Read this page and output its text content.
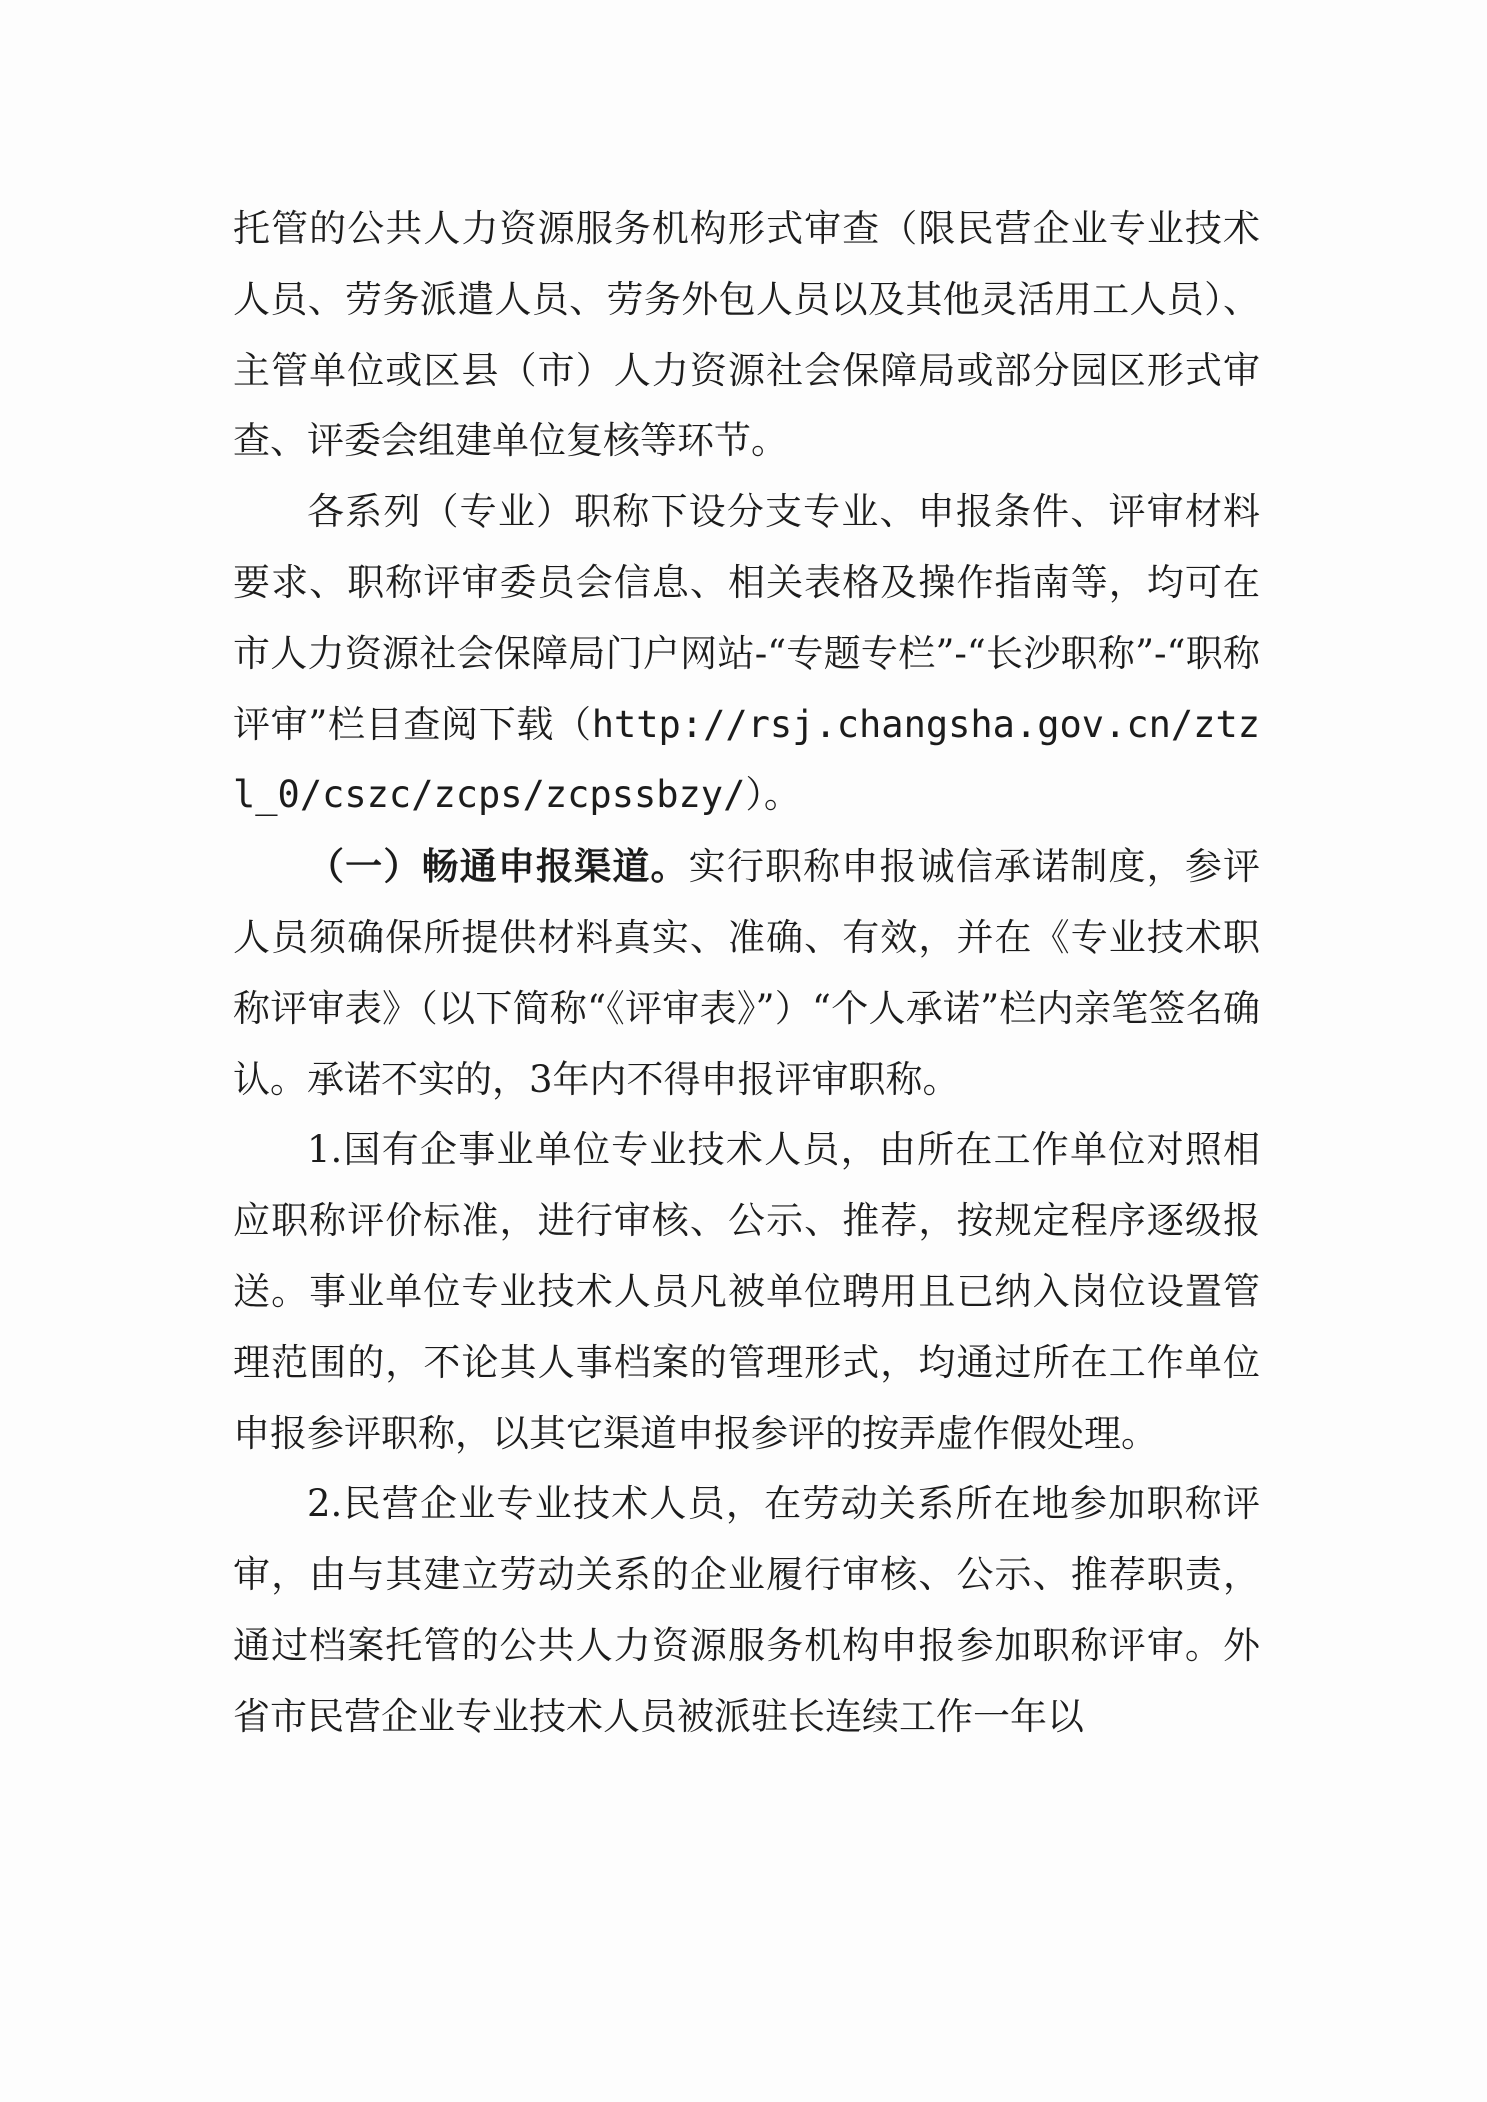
托管的公共人力资源服务机构形式审查（限民营企业专业技术人员、劳务派遣人员、劳务外包人员以及其他灵活用工人员）、主管单位或区县（市）人力资源社会保障局或部分园区形式审查、评委会组建单位复核等环节。

各系列（专业）职称下设分支专业、申报条件、评审材料要求、职称评审委员会信息、相关表格及操作指南等，均可在市人力资源社会保障局门户网站-“专题专栏”-“长沙职称”-“职称评审”栏目查阅下载（http://rsj.changsha.gov.cn/ztzl_0/cszc/zcps/zcpssbzy/）。

（一）畅通申报渠道。实行职称申报诚信承诺制度，参评人员须确保所提供材料真实、准确、有效，并在《专业技术职称评审表》（以下简称“《评审表》”）“个人承诺”栏内亲笔签名确认。承诺不实的，3年内不得申报评审职称。

1.国有企事业单位专业技术人员，由所在工作单位对照相应职称评价标准，进行审核、公示、推荐，按规定程序逐级报送。事业单位专业技术人员凡被单位聘用且已纳入岗位设置管理范围的，不论其人事档案的管理形式，均通过所在工作单位申报参评职称，以其它渠道申报参评的按弄虚作假处理。

2.民营企业专业技术人员，在劳动关系所在地参加职称评审，由与其建立劳动关系的企业履行审核、公示、推荐职责，通过档案托管的公共人力资源服务机构申报参加职称评审。外省市民营企业专业技术人员被派驻长连续工作一年以
